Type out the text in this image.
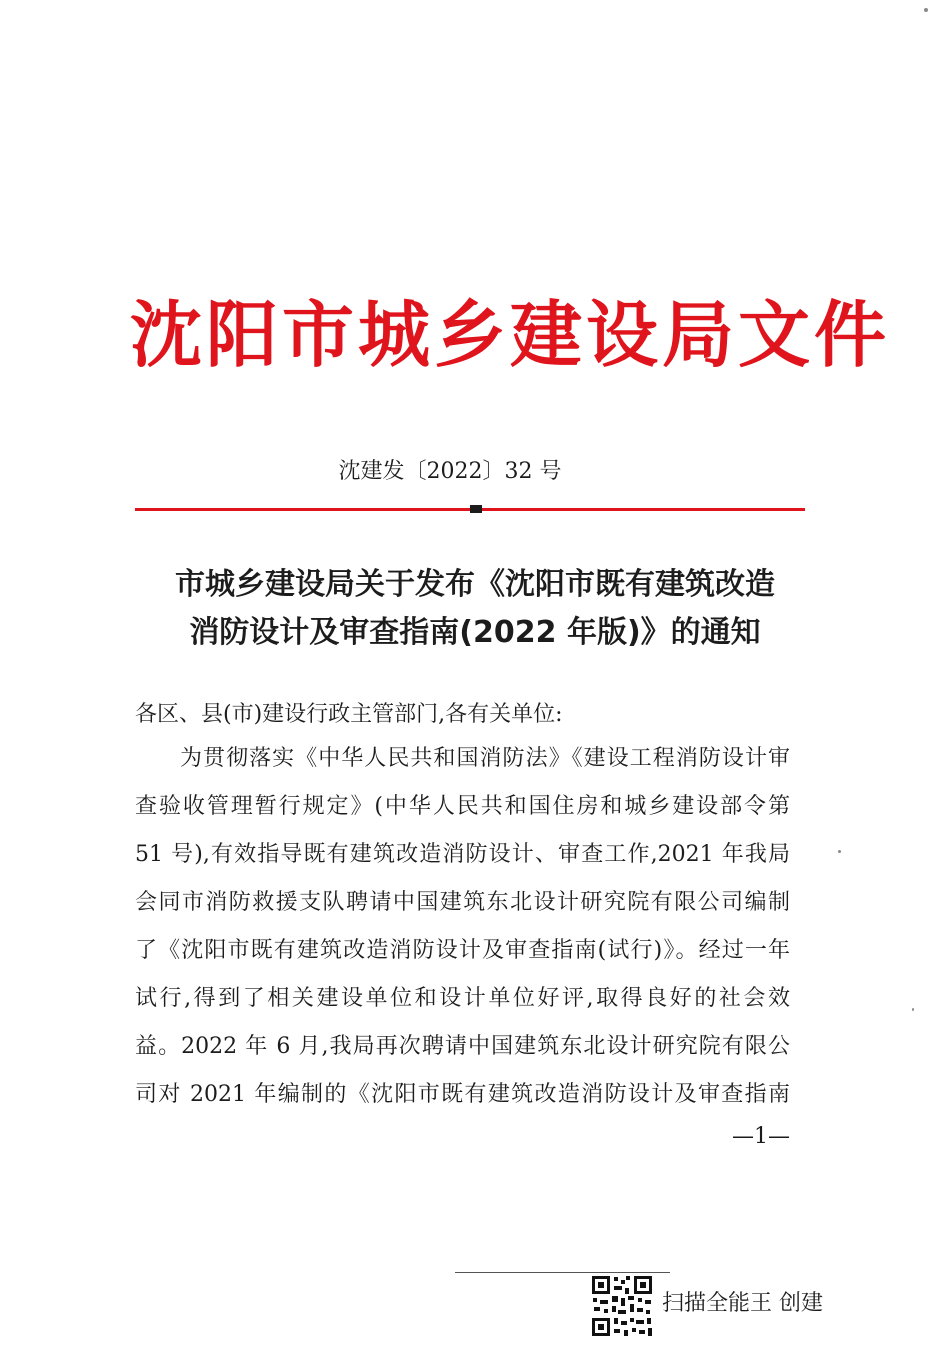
沈阳市城乡建设局文件
沈建发〔2022〕32 号
市城乡建设局关于发布《沈阳市既有建筑改造
消防设计及审查指南(2022 年版)》的通知
各区、县(市)建设行政主管部门,各有关单位:
为贯彻落实《中华人民共和国消防法》《建设工程消防设计审
查验收管理暂行规定》(中华人民共和国住房和城乡建设部令第
51 号),有效指导既有建筑改造消防设计、审查工作,2021 年我局
会同市消防救援支队聘请中国建筑东北设计研究院有限公司编制
了《沈阳市既有建筑改造消防设计及审查指南(试行)》。经过一年
试行,得到了相关建设单位和设计单位好评,取得良好的社会效
益。2022 年 6 月,我局再次聘请中国建筑东北设计研究院有限公
司对 2021 年编制的《沈阳市既有建筑改造消防设计及审查指南
—1—
扫描全能王 创建
